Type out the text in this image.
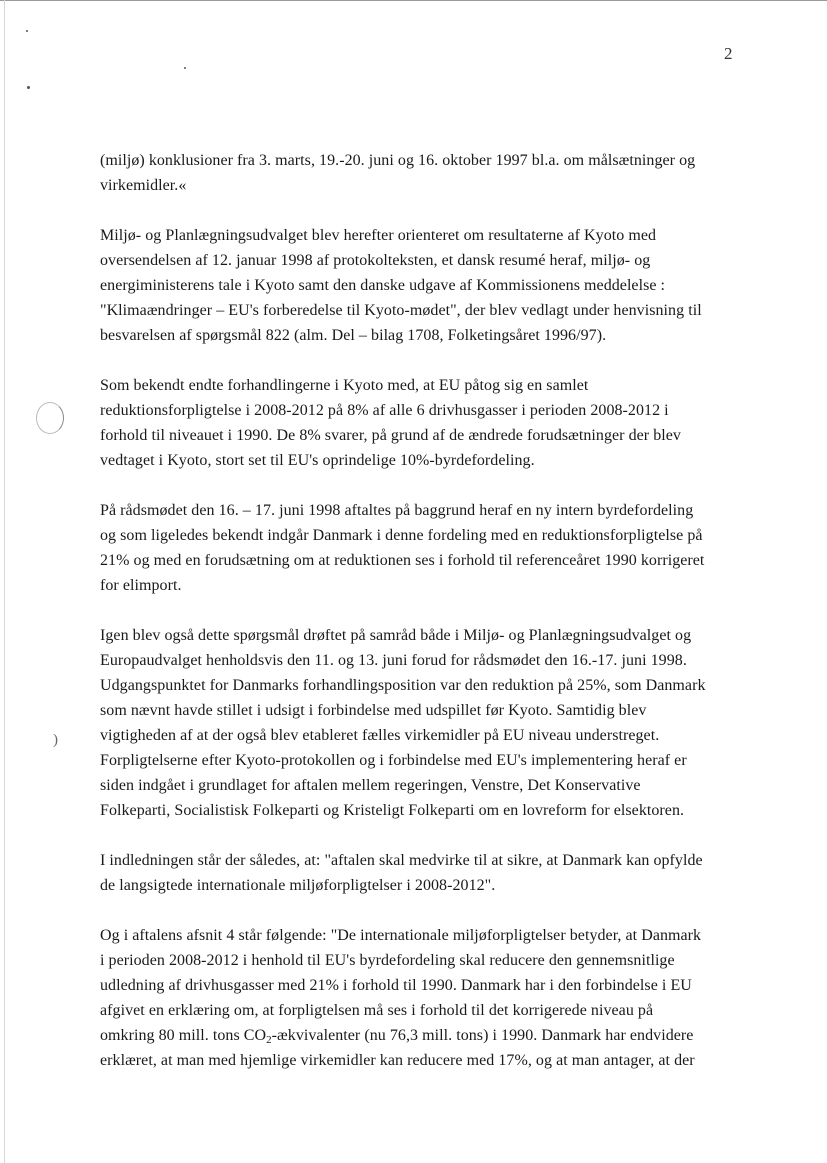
)
2
(miljø) konklusioner fra 3. marts, 19.-20. juni og 16. oktober 1997 bl.a. om målsætninger og
virkemidler.«
Miljø- og Planlægningsudvalget blev herefter orienteret om resultaterne af Kyoto med
oversendelsen af 12. januar 1998 af protokolteksten, et dansk resumé heraf, miljø- og
energiministerens tale i Kyoto samt den danske udgave af Kommissionens meddelelse :
"Klimaændringer – EU's forberedelse til Kyoto-mødet", der blev vedlagt under henvisning til
besvarelsen af spørgsmål 822 (alm. Del – bilag 1708, Folketingsåret 1996/97).
Som bekendt endte forhandlingerne i Kyoto med, at EU påtog sig en samlet
reduktionsforpligtelse i 2008-2012 på 8% af alle 6 drivhusgasser i perioden 2008-2012 i
forhold til niveauet i 1990. De 8% svarer, på grund af de ændrede forudsætninger der blev
vedtaget i Kyoto, stort set til EU's oprindelige 10%-byrdefordeling.
På rådsmødet den 16. – 17. juni 1998 aftaltes på baggrund heraf en ny intern byrdefordeling
og som ligeledes bekendt indgår Danmark i denne fordeling med en reduktionsforpligtelse på
21% og med en forudsætning om at reduktionen ses i forhold til referenceåret 1990 korrigeret
for elimport.
Igen blev også dette spørgsmål drøftet på samråd både i Miljø- og Planlægningsudvalget og
Europaudvalget henholdsvis den 11. og 13. juni forud for rådsmødet den 16.-17. juni 1998.
Udgangspunktet for Danmarks forhandlingsposition var den reduktion på 25%, som Danmark
som nævnt havde stillet i udsigt i forbindelse med udspillet før Kyoto. Samtidig blev
vigtigheden af at der også blev etableret fælles virkemidler på EU niveau understreget.
Forpligtelserne efter Kyoto-protokollen og i forbindelse med EU's implementering heraf er
siden indgået i grundlaget for aftalen mellem regeringen, Venstre, Det Konservative
Folkeparti, Socialistisk Folkeparti og Kristeligt Folkeparti om en lovreform for elsektoren.
I indledningen står der således, at: "aftalen skal medvirke til at sikre, at Danmark kan opfylde
de langsigtede internationale miljøforpligtelser i 2008-2012".
Og i aftalens afsnit 4 står følgende: "De internationale miljøforpligtelser betyder, at Danmark
i perioden 2008-2012 i henhold til EU's byrdefordeling skal reducere den gennemsnitlige
udledning af drivhusgasser med 21% i forhold til 1990. Danmark har i den forbindelse i EU
afgivet en erklæring om, at forpligtelsen må ses i forhold til det korrigerede niveau på
omkring 80 mill. tons $CO_2$-ækvivalenter (nu 76,3 mill. tons) i 1990. Danmark har endvidere
erklæret, at man med hjemlige virkemidler kan reducere med 17%, og at man antager, at der
